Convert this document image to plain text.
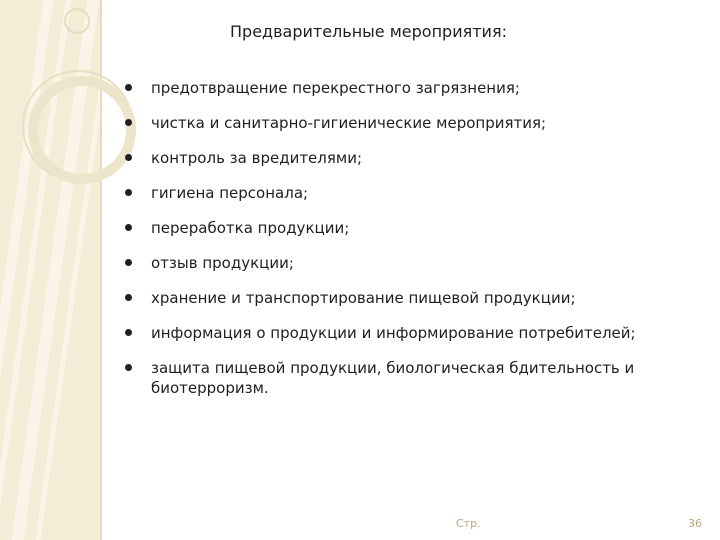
Предварительные мероприятия:
предотвращение перекрестного загрязнения;
чистка и санитарно-гигиенические мероприятия;
контроль за вредителями;
гигиена персонала;
переработка продукции;
отзыв продукции;
хранение и транспортирование пищевой продукции;
информация о продукции и информирование потребителей;
защита пищевой продукции, биологическая бдительность и биотерроризм.
Стр.	36
